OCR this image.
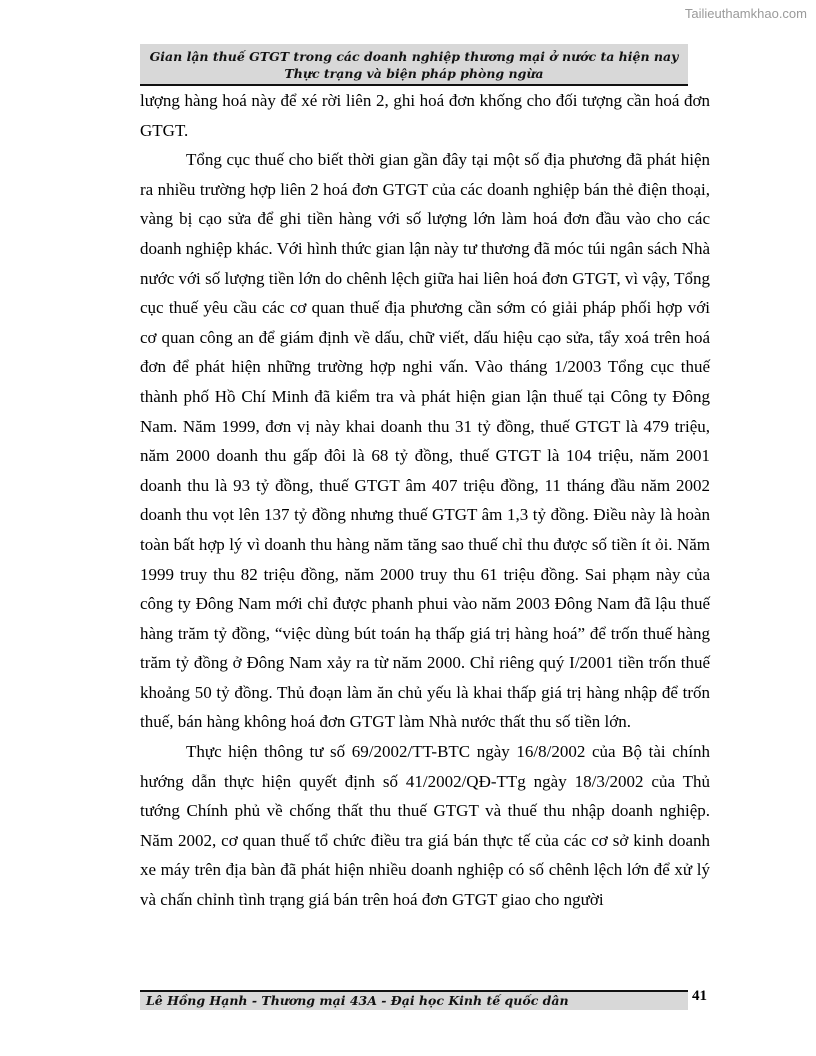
Tailieuthamkhao.com
Gian lận thuế GTGT trong các doanh nghiệp thương mại ở nước ta hiện nay
Thực trạng và biện pháp phòng ngừa

lượng hàng hoá này để xé rời liên 2, ghi hoá đơn khống cho đối tượng cần hoá đơn GTGT.

Tổng cục thuế cho biết thời gian gần đây tại một số địa phương đã phát hiện ra nhiều trường hợp liên 2 hoá đơn GTGT của các doanh nghiệp bán thẻ điện thoại, vàng bị cạo sửa để ghi tiền hàng với số lượng lớn làm hoá đơn đầu vào cho các doanh nghiệp khác. Với hình thức gian lận này tư thương đã móc túi ngân sách Nhà nước với số lượng tiền lớn do chênh lệch giữa hai liên hoá đơn GTGT, vì vậy, Tổng cục thuế yêu cầu các cơ quan thuế địa phương cần sớm có giải pháp phối hợp với cơ quan công an để giám định về dấu, chữ viết, dấu hiệu cạo sửa, tẩy xoá trên hoá đơn để phát hiện những trường hợp nghi vấn. Vào tháng 1/2003 Tổng cục thuế thành phố Hồ Chí Minh đã kiểm tra và phát hiện gian lận thuế tại Công ty Đông Nam. Năm 1999, đơn vị này khai doanh thu 31 tỷ đồng, thuế GTGT là 479 triệu, năm 2000 doanh thu gấp đôi là 68 tỷ đồng, thuế GTGT là 104 triệu, năm 2001 doanh thu là 93 tỷ đồng, thuế GTGT âm 407 triệu đồng, 11 tháng đầu năm 2002 doanh thu vọt lên 137 tỷ đồng nhưng thuế GTGT âm 1,3 tỷ đồng. Điều này là hoàn toàn bất hợp lý vì doanh thu hàng năm tăng sao thuế chỉ thu được số tiền ít ỏi. Năm 1999 truy thu 82 triệu đồng, năm 2000 truy thu 61 triệu đồng. Sai phạm này của công ty Đông Nam mới chỉ được phanh phui vào năm 2003 Đông Nam đã lậu thuế hàng trăm tỷ đồng, “việc dùng bút toán hạ thấp giá trị hàng hoá” để trốn thuế hàng trăm tỷ đồng ở Đông Nam xảy ra từ năm 2000. Chỉ riêng quý I/2001 tiền trốn thuế khoảng 50 tỷ đồng. Thủ đoạn làm ăn chủ yếu là khai thấp giá trị hàng nhập để trốn thuế, bán hàng không hoá đơn GTGT làm Nhà nước thất thu số tiền lớn.

Thực hiện thông tư số 69/2002/TT-BTC ngày 16/8/2002 của Bộ tài chính hướng dẫn thực hiện quyết định số 41/2002/QĐ-TTg ngày 18/3/2002 của Thủ tướng Chính phủ về chống thất thu thuế GTGT và thuế thu nhập doanh nghiệp. Năm 2002, cơ quan thuế tổ chức điều tra giá bán thực tế của các cơ sở kinh doanh xe máy trên địa bàn đã phát hiện nhiều doanh nghiệp có số chênh lệch lớn để xử lý và chấn chỉnh tình trạng giá bán trên hoá đơn GTGT giao cho người

Lê Hồng Hạnh - Thương mại 43A - Đại học Kinh tế quốc dân	41
